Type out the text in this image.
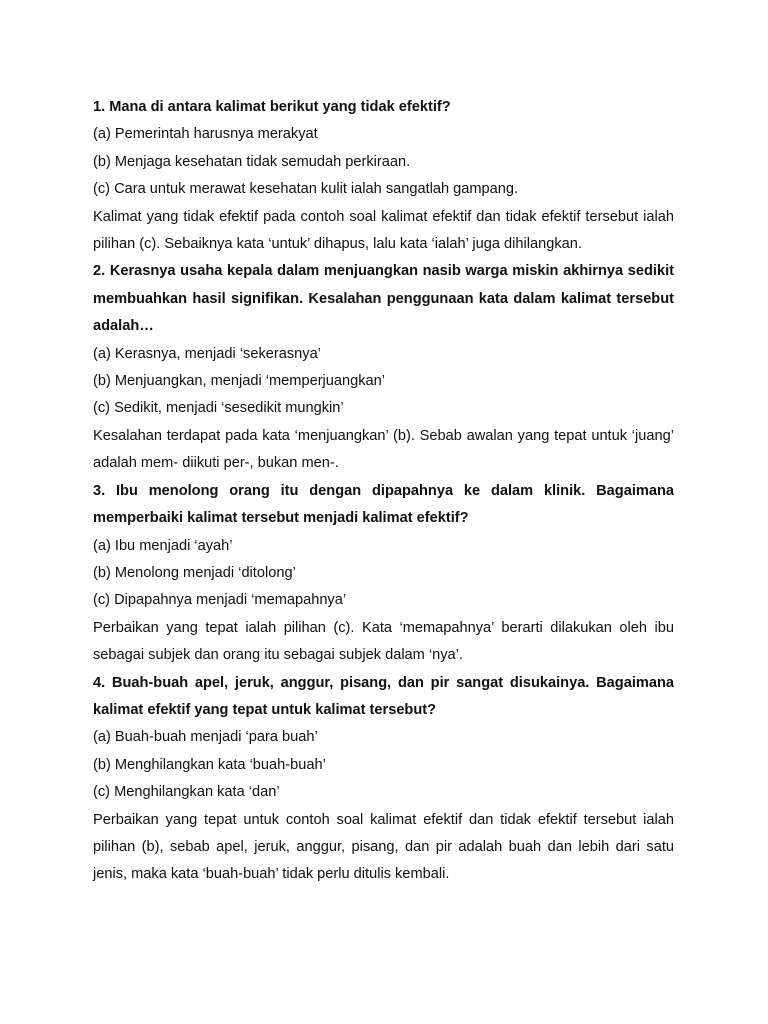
1. Mana di antara kalimat berikut yang tidak efektif?

(a) Pemerintah harusnya merakyat

(b) Menjaga kesehatan tidak semudah perkiraan.

(c) Cara untuk merawat kesehatan kulit ialah sangatlah gampang.

Kalimat yang tidak efektif pada contoh soal kalimat efektif dan tidak efektif tersebut ialah pilihan (c). Sebaiknya kata ‘untuk’ dihapus, lalu kata ‘ialah’ juga dihilangkan.

2. Kerasnya usaha kepala dalam menjuangkan nasib warga miskin akhirnya sedikit membuahkan hasil signifikan. Kesalahan penggunaan kata dalam kalimat tersebut adalah…

(a) Kerasnya, menjadi ‘sekerasnya’

(b) Menjuangkan, menjadi ‘memperjuangkan’

(c) Sedikit, menjadi ‘sesedikit mungkin’

Kesalahan terdapat pada kata ‘menjuangkan’ (b). Sebab awalan yang tepat untuk ‘juang’ adalah mem- diikuti per-, bukan men-.

3. Ibu menolong orang itu dengan dipapahnya ke dalam klinik. Bagaimana memperbaiki kalimat tersebut menjadi kalimat efektif?

(a) Ibu menjadi ‘ayah’

(b) Menolong menjadi ‘ditolong’

(c) Dipapahnya menjadi ‘memapahnya’

Perbaikan yang tepat ialah pilihan (c). Kata ‘memapahnya’ berarti dilakukan oleh ibu sebagai subjek dan orang itu sebagai subjek dalam ‘nya’.

4. Buah-buah apel, jeruk, anggur, pisang, dan pir sangat disukainya. Bagaimana kalimat efektif yang tepat untuk kalimat tersebut?

(a) Buah-buah menjadi ‘para buah’

(b) Menghilangkan kata ‘buah-buah’

(c) Menghilangkan kata ‘dan’

Perbaikan yang tepat untuk contoh soal kalimat efektif dan tidak efektif tersebut ialah pilihan (b), sebab apel, jeruk, anggur, pisang, dan pir adalah buah dan lebih dari satu jenis, maka kata ‘buah-buah’ tidak perlu ditulis kembali.
